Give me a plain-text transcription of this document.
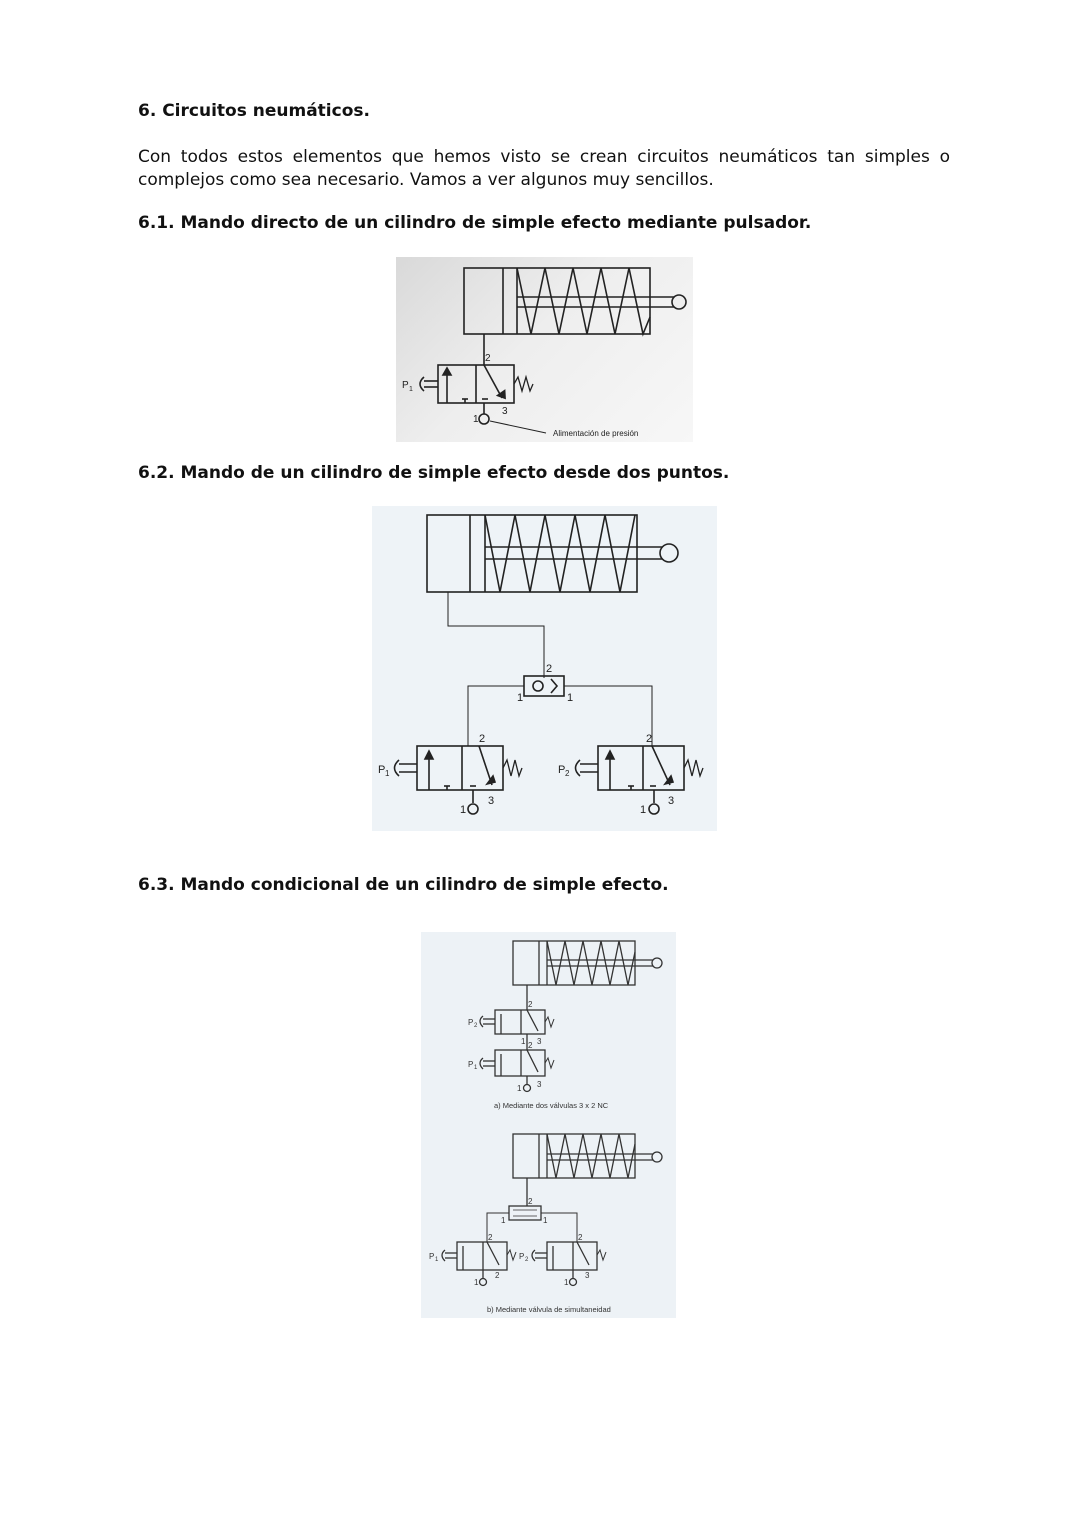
6. Circuitos neumáticos.
Con todos estos elementos que hemos visto se crean circuitos neumáticos tan simples o complejos como sea necesario. Vamos a ver algunos muy sencillos.
6.1. Mando directo de un cilindro de simple efecto mediante pulsador.
P 1
2
3
1
Alimentación de presión
6.2. Mando de un cilindro de simple efecto desde dos puntos.
2
1	1
2	2
P 1	P 2
1
3
1
3
6.3. Mando condicional de un cilindro de simple efecto.
2
P 2
1 3
2
P 1
1 3
a) Mediante dos válvulas 3 x 2 NC
2
1	1
2	2
P 1	P 2
1
2
1
3
b) Mediante válvula de simultaneidad
